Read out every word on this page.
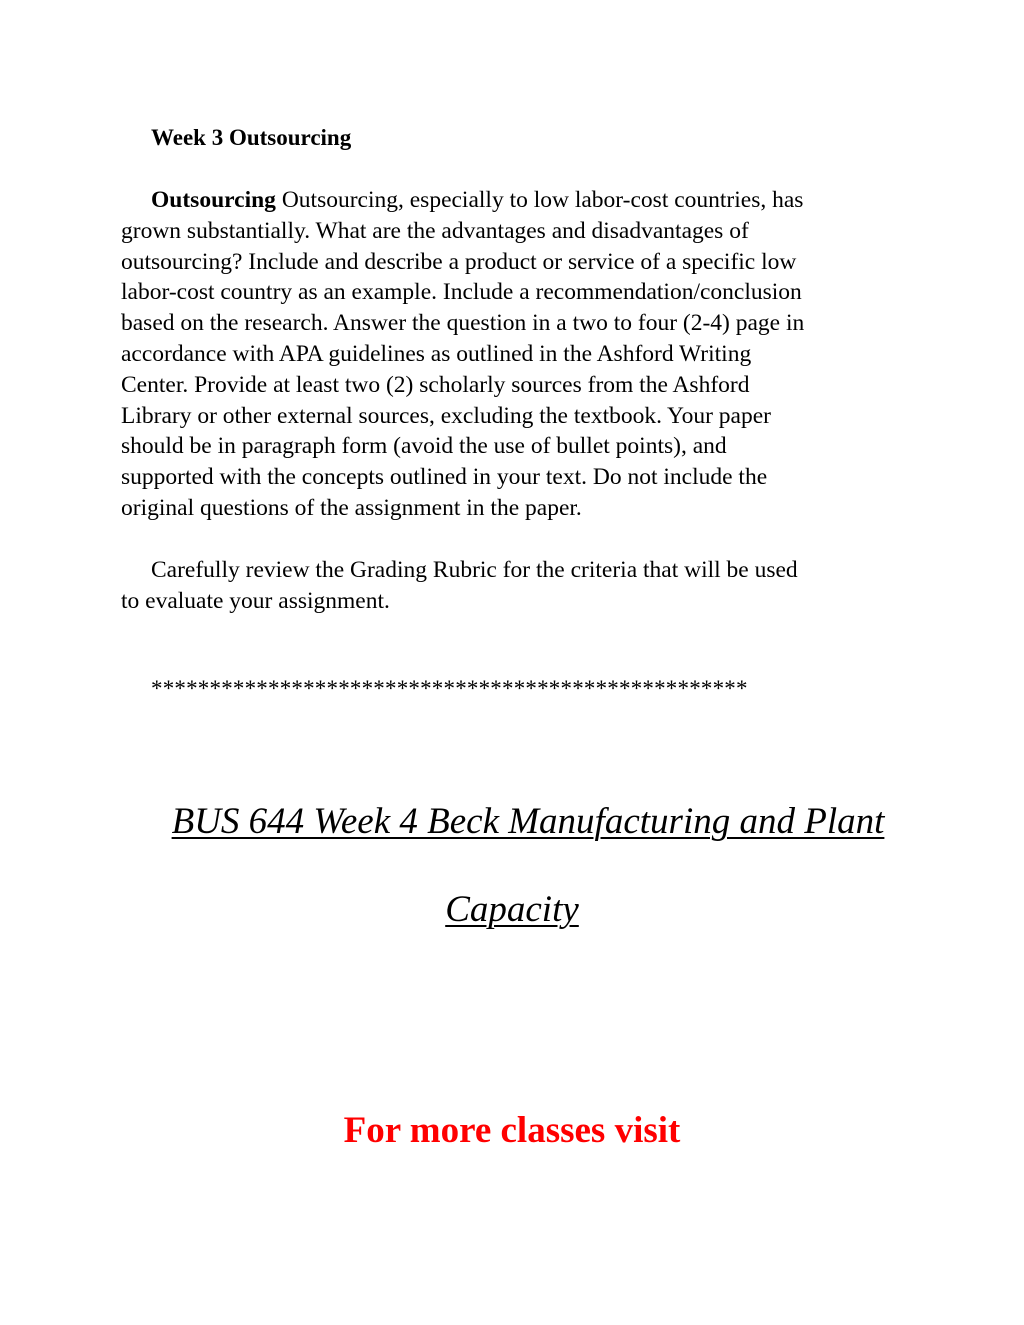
Week 3 Outsourcing
Outsourcing Outsourcing, especially to low labor-cost countries, has
grown substantially. What are the advantages and disadvantages of
outsourcing? Include and describe a product or service of a specific low
labor-cost country as an example. Include a recommendation/conclusion
based on the research. Answer the question in a two to four (2-4) page in
accordance with APA guidelines as outlined in the Ashford Writing
Center. Provide at least two (2) scholarly sources from the Ashford
Library or other external sources, excluding the textbook. Your paper
should be in paragraph form (avoid the use of bullet points), and
supported with the concepts outlined in your text. Do not include the
original questions of the assignment in the paper.
Carefully review the Grading Rubric for the criteria that will be used
to evaluate your assignment.
***************************************************
BUS 644 Week 4 Beck Manufacturing and Plant
Capacity
For more classes visit
